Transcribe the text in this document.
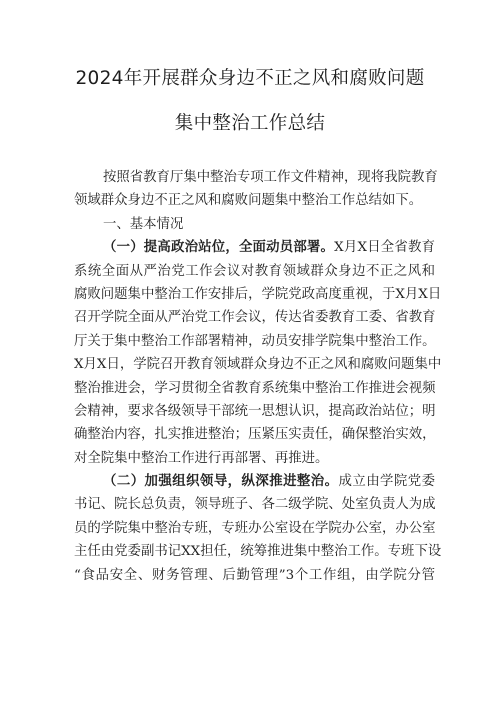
2024年开展群众身边不正之风和腐败问题
集中整治工作总结
按照省教育厅集中整治专项工作文件精神，现将我院教育
领域群众身边不正之风和腐败问题集中整治工作总结如下。
一、基本情况
（一）提高政治站位，全面动员部署。X月X日全省教育
系统全面从严治党工作会议对教育领域群众身边不正之风和
腐败问题集中整治工作安排后，学院党政高度重视，于X月X日
召开学院全面从严治党工作会议，传达省委教育工委、省教育
厅关于集中整治工作部署精神，动员安排学院集中整治工作。
X月X日，学院召开教育领域群众身边不正之风和腐败问题集中
整治推进会，学习贯彻全省教育系统集中整治工作推进会视频
会精神，要求各级领导干部统一思想认识，提高政治站位；明
确整治内容，扎实推进整治；压紧压实责任，确保整治实效，
对全院集中整治工作进行再部署、再推进。
（二）加强组织领导，纵深推进整治。成立由学院党委
书记、院长总负责，领导班子、各二级学院、处室负责人为成
员的学院集中整治专班，专班办公室设在学院办公室，办公室
主任由党委副书记XX担任，统筹推进集中整治工作。专班下设
“食品安全、财务管理、后勤管理”3个工作组，由学院分管
